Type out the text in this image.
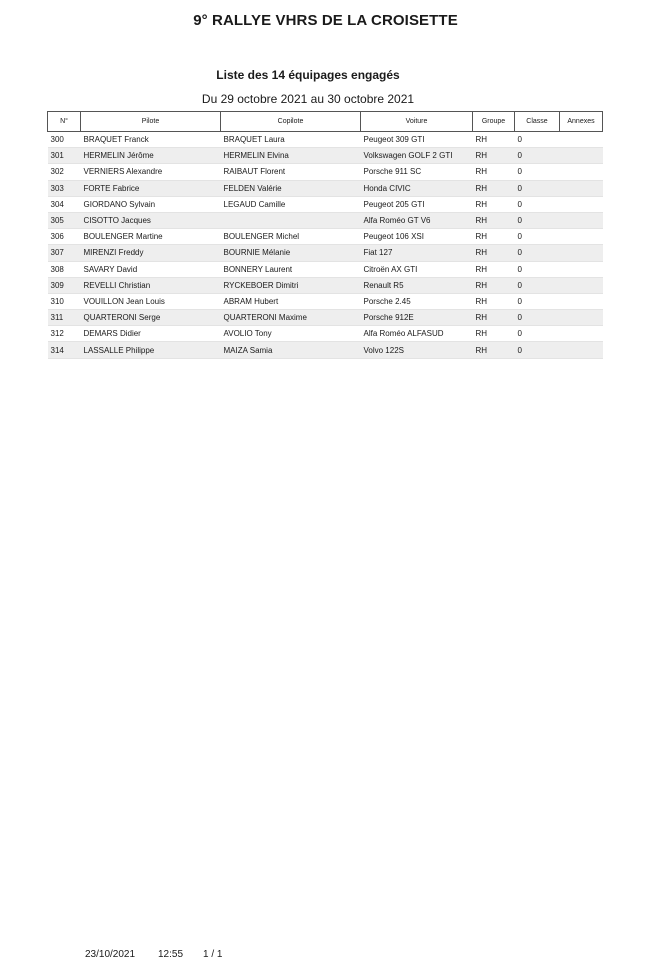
9° RALLYE VHRS DE LA CROISETTE
Liste des 14 équipages engagés
Du 29 octobre 2021 au 30 octobre 2021
N°	Pilote	Copilote	Voiture	Groupe	Classe	Annexes
300	BRAQUET Franck	BRAQUET Laura	Peugeot 309 GTI	RH	0	
301	HERMELIN Jérôme	HERMELIN Elvina	Volkswagen GOLF 2 GTI	RH	0	
302	VERNIERS Alexandre	RAIBAUT Florent	Porsche 911 SC	RH	0	
303	FORTE Fabrice	FELDEN Valérie	Honda CIVIC	RH	0	
304	GIORDANO Sylvain	LEGAUD Camille	Peugeot 205 GTI	RH	0	
305	CISOTTO Jacques		Alfa Roméo GT V6	RH	0	
306	BOULENGER Martine	BOULENGER Michel	Peugeot 106 XSI	RH	0	
307	MIRENZI Freddy	BOURNIE Mélanie	Fiat 127	RH	0	
308	SAVARY David	BONNERY Laurent	Citroën AX GTI	RH	0	
309	REVELLI Christian	RYCKEBOER Dimitri	Renault R5	RH	0	
310	VOUILLON Jean Louis	ABRAM Hubert	Porsche 2.45	RH	0	
311	QUARTERONI Serge	QUARTERONI Maxime	Porsche 912E	RH	0	
312	DEMARS Didier	AVOLIO Tony	Alfa Roméo ALFASUD	RH	0	
314	LASSALLE Philippe	MAIZA Samia	Volvo 122S	RH	0	
23/10/2021 12:55 1 / 1
